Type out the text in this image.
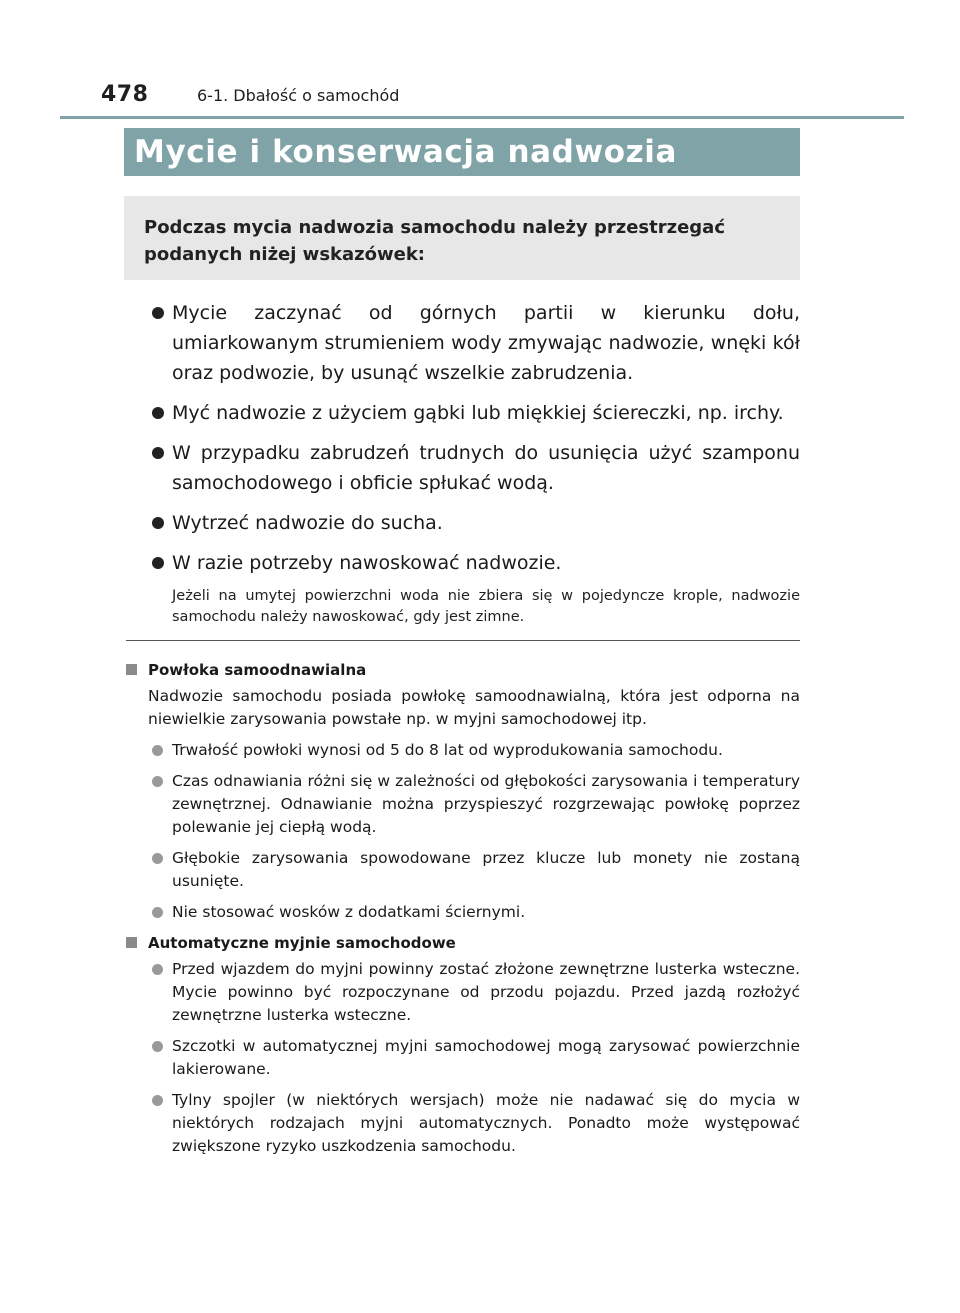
478	6-1. Dbałość o samochód
Mycie i konserwacja nadwozia
Podczas mycia nadwozia samochodu należy przestrzegać podanych niżej wskazówek:
Mycie zaczynać od górnych partii w kierunku dołu, umiarkowanym strumieniem wody zmywając nadwozie, wnęki kół oraz podwozie, by usunąć wszelkie zabrudzenia.
Myć nadwozie z użyciem gąbki lub miękkiej ściereczki, np. irchy.
W przypadku zabrudzeń trudnych do usunięcia użyć szamponu samochodowego i obficie spłukać wodą.
Wytrzeć nadwozie do sucha.
W razie potrzeby nawoskować nadwozie.
Jeżeli na umytej powierzchni woda nie zbiera się w pojedyncze krople, nadwozie samochodu należy nawoskować, gdy jest zimne.
Powłoka samoodnawialna
Nadwozie samochodu posiada powłokę samoodnawialną, która jest odporna na niewielkie zarysowania powstałe np. w myjni samochodowej itp.
Trwałość powłoki wynosi od 5 do 8 lat od wyprodukowania samochodu.
Czas odnawiania różni się w zależności od głębokości zarysowania i temperatury zewnętrznej. Odnawianie można przyspieszyć rozgrzewając powłokę poprzez polewanie jej ciepłą wodą.
Głębokie zarysowania spowodowane przez klucze lub monety nie zostaną usunięte.
Nie stosować wosków z dodatkami ściernymi.
Automatyczne myjnie samochodowe
Przed wjazdem do myjni powinny zostać złożone zewnętrzne lusterka wsteczne. Mycie powinno być rozpoczynane od przodu pojazdu. Przed jazdą rozłożyć zewnętrzne lusterka wsteczne.
Szczotki w automatycznej myjni samochodowej mogą zarysować powierzchnie lakierowane.
Tylny spojler (w niektórych wersjach) może nie nadawać się do mycia w niektórych rodzajach myjni automatycznych. Ponadto może występować zwiększone ryzyko uszkodzenia samochodu.
